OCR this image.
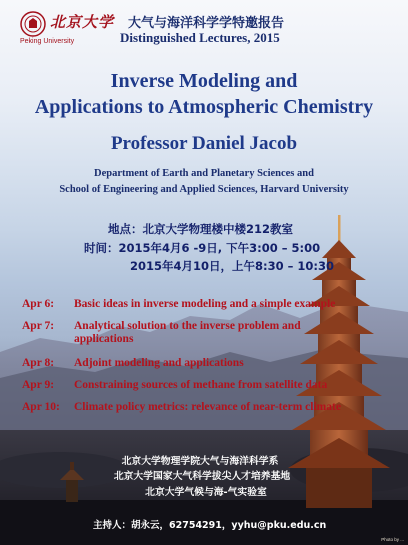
北京大学
Peking University
大气与海洋科学学特邀报告
Distinguished Lectures, 2015
Inverse Modeling and
Applications to Atmospheric Chemistry
Professor Daniel Jacob
Department of Earth and Planetary Sciences and
School of Engineering and Applied Sciences, Harvard University
地点：北京大学物理楼中楼212教室
时间：2015年4月6 -9日, 下午3:00 – 5:00
2015年4月10日，上午8:30 – 10:30
Apr 6:	Basic ideas in inverse modeling and a simple example
Apr 7:	Analytical solution to the inverse problem and applications
Apr 8:	Adjoint modeling and applications
Apr 9:	Constraining sources of methane from satellite data
Apr 10:	Climate policy metrics: relevance of near-term climate
北京大学物理学院大气与海洋科学系
北京大学国家大气科学拔尖人才培养基地
北京大学气候与海-气实验室
主持人：胡永云，62754291，yyhu@pku.edu.cn
Photo by ...
